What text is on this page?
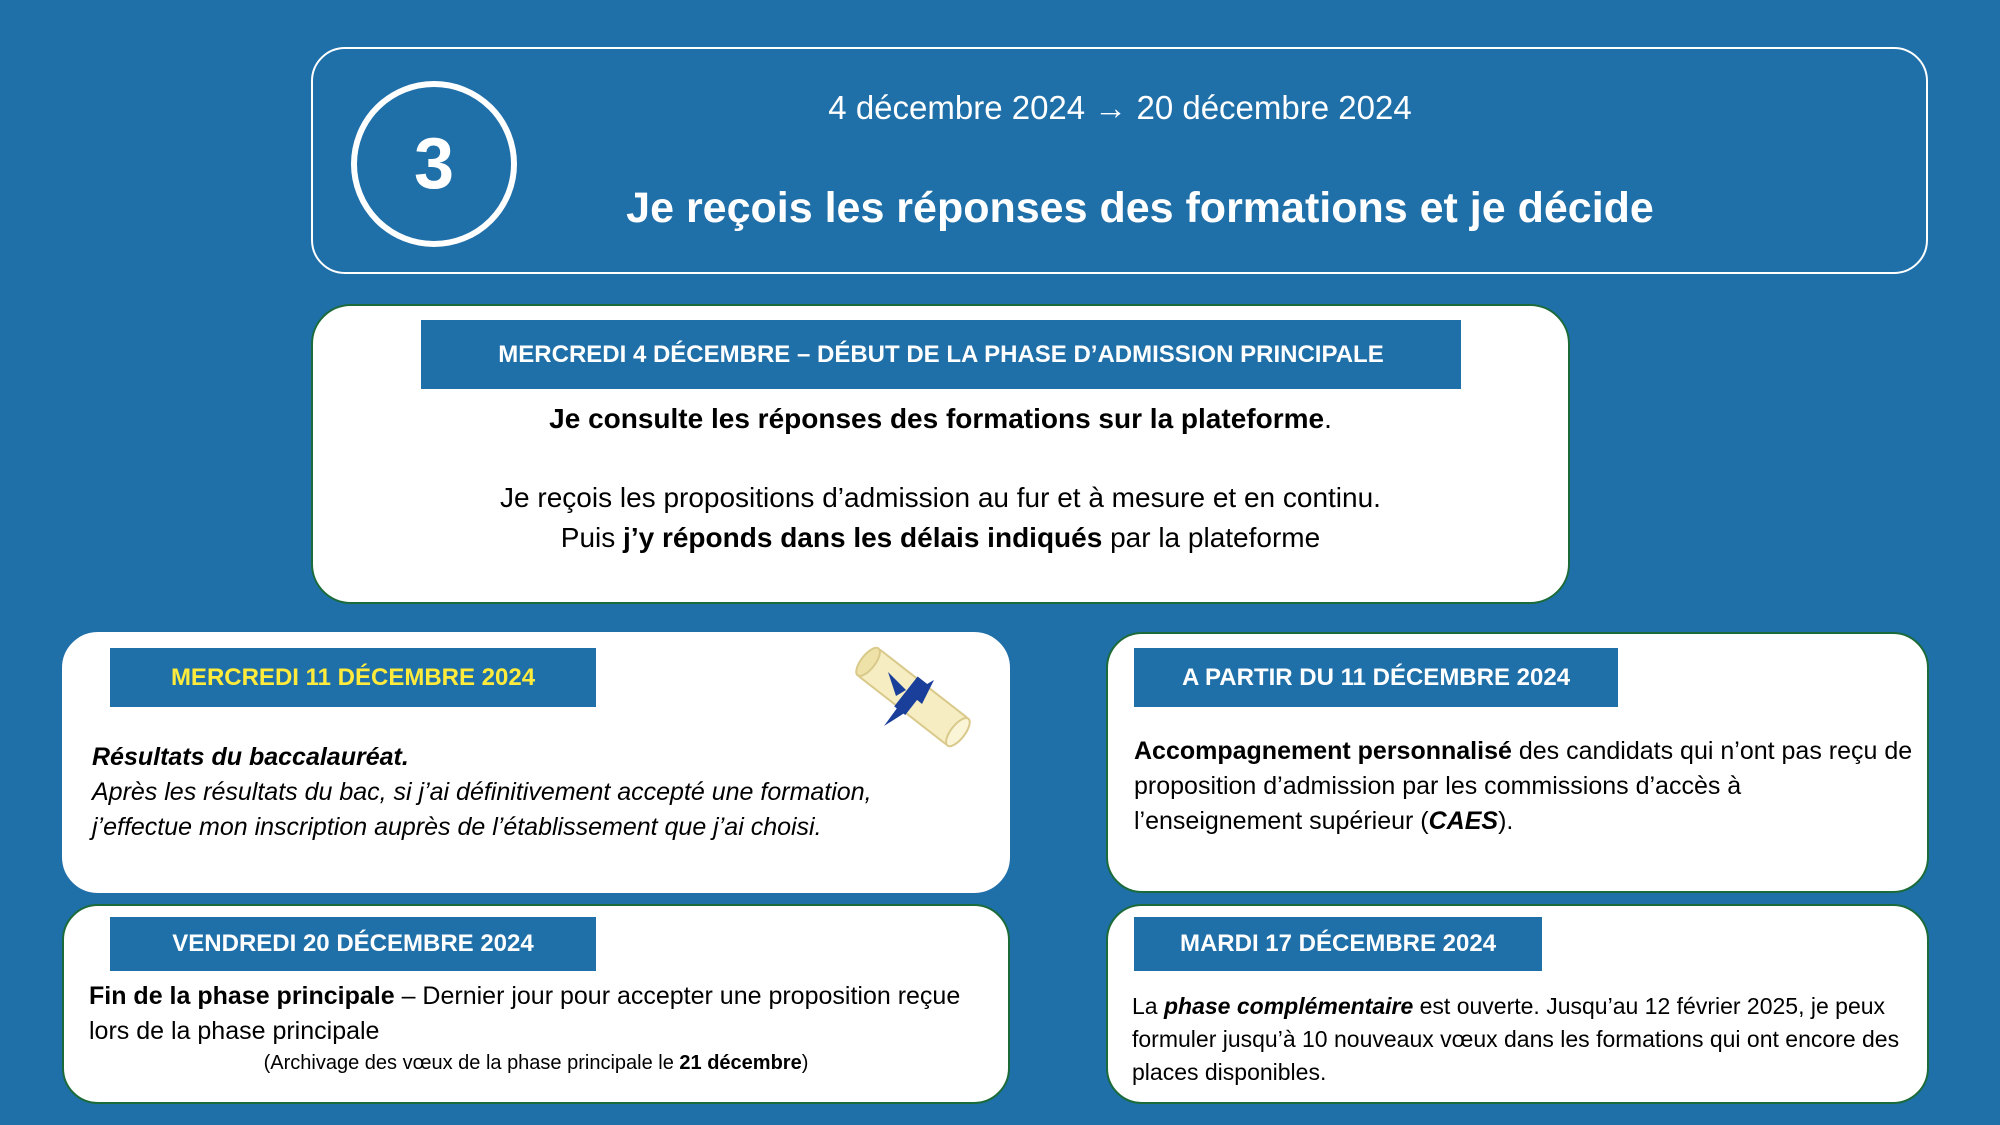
3
4 décembre 2024 → 20 décembre 2024
Je reçois les réponses des formations et je décide
MERCREDI 4 DÉCEMBRE – DÉBUT DE LA PHASE D’ADMISSION PRINCIPALE
Je consulte les réponses des formations sur la plateforme.
Je reçois les propositions d’admission au fur et à mesure et en continu.
Puis j’y réponds dans les délais indiqués par la plateforme
MERCREDI 11 DÉCEMBRE 2024
Résultats du baccalauréat.
Après les résultats du bac, si j’ai définitivement accepté une formation,
j’effectue mon inscription auprès de l’établissement que j’ai choisi.
A PARTIR DU 11 DÉCEMBRE 2024
Accompagnement personnalisé des candidats qui n’ont pas reçu de proposition d’admission par les commissions d’accès à l’enseignement supérieur (CAES).
VENDREDI 20 DÉCEMBRE 2024
Fin de la phase principale – Dernier jour pour accepter une proposition reçue lors de la phase principale
(Archivage des vœux de la phase principale le 21 décembre)
MARDI 17 DÉCEMBRE 2024
La phase complémentaire est ouverte. Jusqu’au 12 février 2025, je peux formuler jusqu’à 10 nouveaux vœux dans les formations qui ont encore des places disponibles.
